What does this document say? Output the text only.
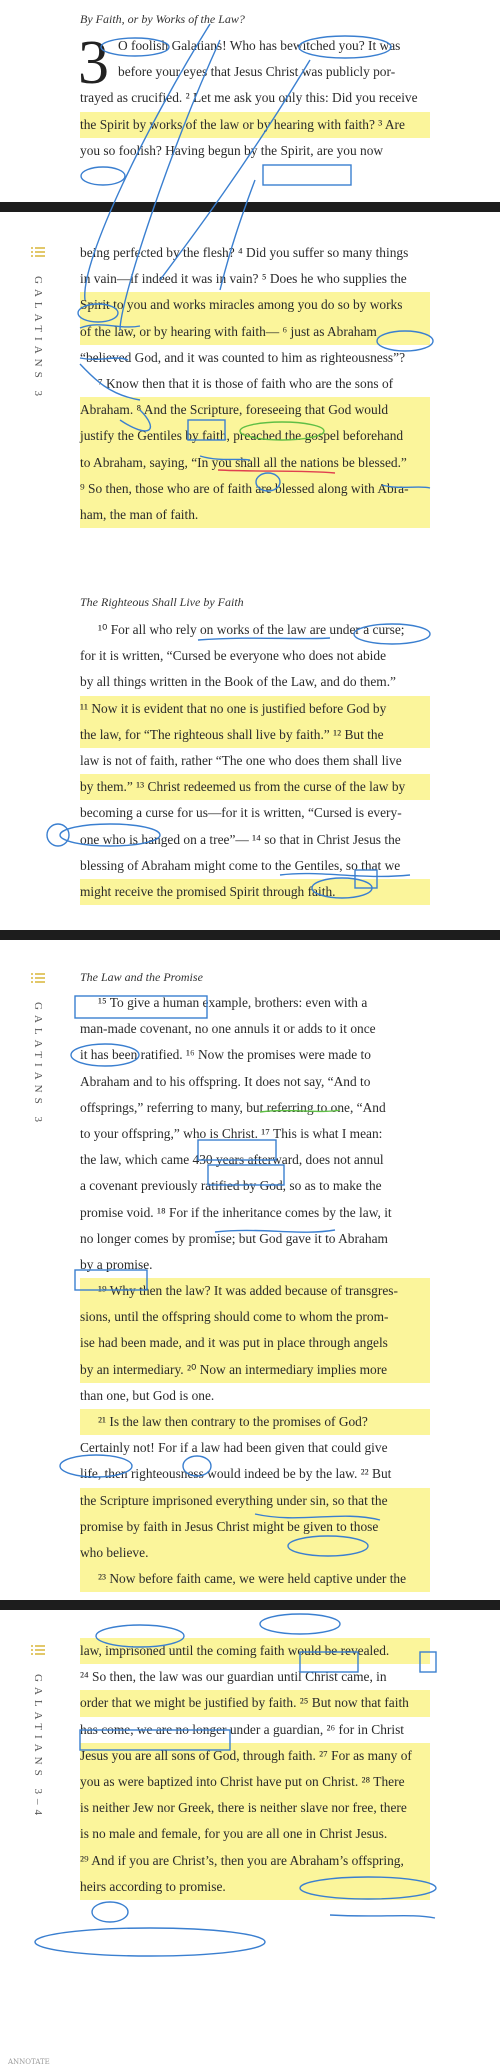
By Faith, or by Works of the Law?
3 O foolish Galatians! Who has bewitched you? It was
before your eyes that Jesus Christ was publicly por-
trayed as crucified. ² Let me ask you only this: Did you receive
the Spirit by works of the law or by hearing with faith? ³ Are
you so foolish? Having begun by the Spirit, are you now
GALATIANS 3
being perfected by the flesh? ⁴ Did you suffer so many things
in vain—if indeed it was in vain? ⁵ Does he who supplies the
Spirit to you and works miracles among you do so by works
of the law, or by hearing with faith— ⁶ just as Abraham
“believed God, and it was counted to him as righteousness”?
⁷ Know then that it is those of faith who are the sons of
Abraham. ⁸ And the Scripture, foreseeing that God would
justify the Gentiles by faith, preached the gospel beforehand
to Abraham, saying, “In you shall all the nations be blessed.”
⁹ So then, those who are of faith are blessed along with Abra-
ham, the man of faith.
The Righteous Shall Live by Faith
¹⁰ For all who rely on works of the law are under a curse;
for it is written, “Cursed be everyone who does not abide
by all things written in the Book of the Law, and do them.”
¹¹ Now it is evident that no one is justified before God by
the law, for “The righteous shall live by faith.” ¹² But the
law is not of faith, rather “The one who does them shall live
by them.” ¹³ Christ redeemed us from the curse of the law by
becoming a curse for us—for it is written, “Cursed is every-
one who is hanged on a tree”— ¹⁴ so that in Christ Jesus the
blessing of Abraham might come to the Gentiles, so that we
might receive the promised Spirit through faith.
GALATIANS 3
The Law and the Promise
¹⁵ To give a human example, brothers: even with a
man-made covenant, no one annuls it or adds to it once
it has been ratified. ¹⁶ Now the promises were made to
Abraham and to his offspring. It does not say, “And to
offsprings,” referring to many, but referring to one, “And
to your offspring,” who is Christ. ¹⁷ This is what I mean:
the law, which came 430 years afterward, does not annul
a covenant previously ratified by God, so as to make the
promise void. ¹⁸ For if the inheritance comes by the law, it
no longer comes by promise; but God gave it to Abraham
by a promise.
¹⁹ Why then the law? It was added because of transgres-
sions, until the offspring should come to whom the prom-
ise had been made, and it was put in place through angels
by an intermediary. ²⁰ Now an intermediary implies more
than one, but God is one.
²¹ Is the law then contrary to the promises of God?
Certainly not! For if a law had been given that could give
life, then righteousness would indeed be by the law. ²² But
the Scripture imprisoned everything under sin, so that the
promise by faith in Jesus Christ might be given to those
who believe.
²³ Now before faith came, we were held captive under the
GALATIANS 3–4
law, imprisoned until the coming faith would be revealed.
²⁴ So then, the law was our guardian until Christ came, in
order that we might be justified by faith. ²⁵ But now that faith
has come, we are no longer under a guardian, ²⁶ for in Christ
Jesus you are all sons of God, through faith. ²⁷ For as many of
you as were baptized into Christ have put on Christ. ²⁸ There
is neither Jew nor Greek, there is neither slave nor free, there
is no male and female, for you are all one in Christ Jesus.
²⁹ And if you are Christ’s, then you are Abraham’s offspring,
heirs according to promise.
ANNOTATE
